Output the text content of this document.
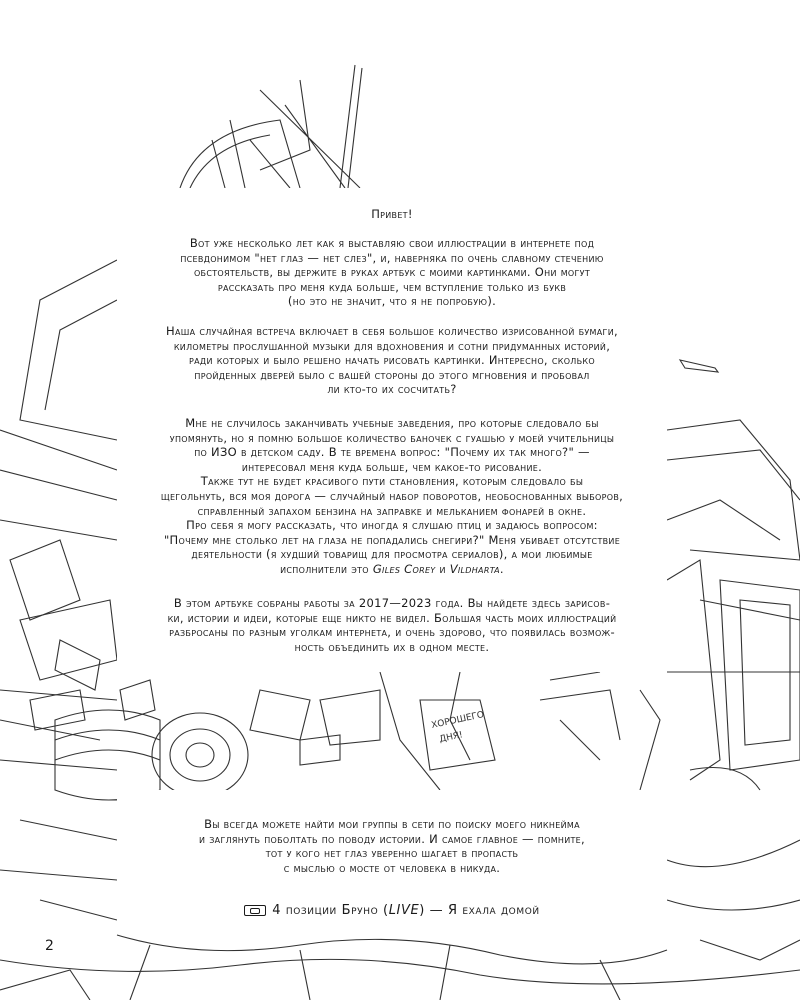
ХОРОШЕГО
ДНЯ!
Привет!

Вот уже несколько лет как я выставляю свои иллюстрации в интернете под
псевдонимом "нет глаз — нет слез", и, наверняка по очень славному стечению
обстоятельств, вы держите в руках артбук с моими картинками. Они могут
рассказать про меня куда больше, чем вступление только из букв
(но это не значит, что я не попробую).

Наша случайная встреча включает в себя большое количество изрисованной бумаги,
километры прослушанной музыки для вдохновения и сотни придуманных историй,
ради которых и было решено начать рисовать картинки. Интересно, сколько
пройденных дверей было с вашей стороны до этого мгновения и пробовал
ли кто-то их сосчитать?

Мне не случилось заканчивать учебные заведения, про которые следовало бы
упомянуть, но я помню большое количество баночек с гуашью у моей учительницы
по ИЗО в детском саду. В те времена вопрос: "Почему их так много?" —
интересовал меня куда больше, чем какое-то рисование.
Также тут не будет красивого пути становления, которым следовало бы
щегольнуть, вся моя дорога — случайный набор поворотов, необоснованных выборов,
справленный запахом бензина на заправке и мельканием фонарей в окне.
Про себя я могу рассказать, что иногда я слушаю птиц и задаюсь вопросом:
"Почему мне столько лет на глаза не попадались снегири?" Меня убивает отсутствие
деятельности (я худший товарищ для просмотра сериалов), а мои любимые
исполнители это Giles Corey и Vildharta.

В этом артбуке собраны работы за 2017—2023 года. Вы найдете здесь зарисов-
ки, истории и идеи, которые еще никто не видел. Большая часть моих иллюстраций
разбросаны по разным уголкам интернета, и очень здорово, что появилась возмож-
ность объединить их в одном месте.

Вы всегда можете найти мои группы в сети по поиску моего никнейма
и заглянуть поболтать по поводу истории. И самое главное — помните,
тот у кого нет глаз уверенно шагает в пропасть
с мыслью о мосте от человека в никуда.

4 позиции Бруно (LIVE) — Я ехала домой
2
